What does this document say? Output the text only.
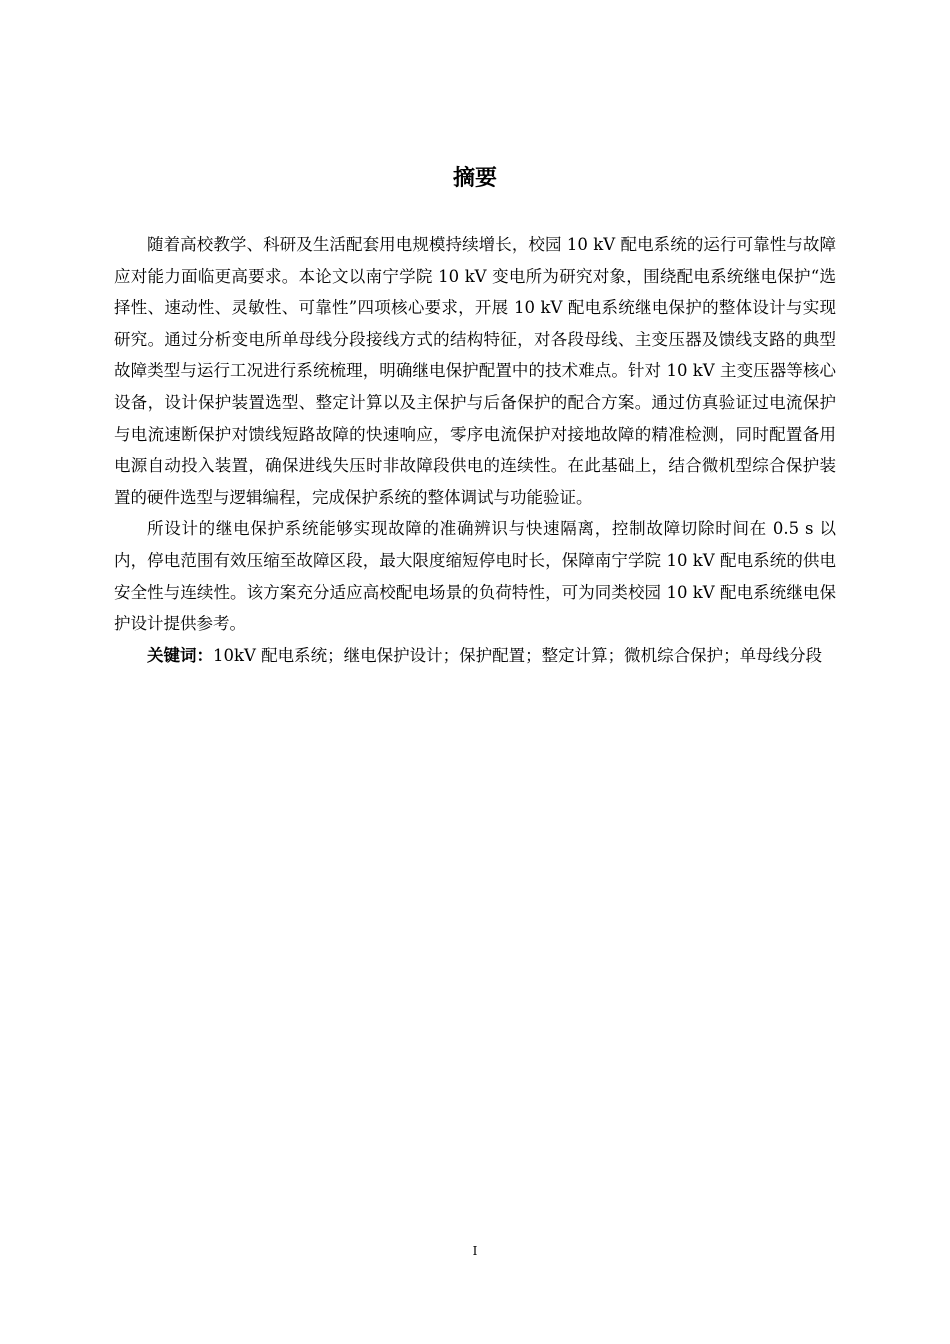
摘要

随着高校教学、科研及生活配套用电规模持续增长，校园 10 kV 配电系统的运行可靠性与故障应对能力面临更高要求。本论文以南宁学院 10 kV 变电所为研究对象，围绕配电系统继电保护“选择性、速动性、灵敏性、可靠性”四项核心要求，开展 10 kV 配电系统继电保护的整体设计与实现研究。通过分析变电所单母线分段接线方式的结构特征，对各段母线、主变压器及馈线支路的典型故障类型与运行工况进行系统梳理，明确继电保护配置中的技术难点。针对 10 kV 主变压器等核心设备，设计保护装置选型、整定计算以及主保护与后备保护的配合方案。通过仿真验证过电流保护与电流速断保护对馈线短路故障的快速响应，零序电流保护对接地故障的精准检测，同时配置备用电源自动投入装置，确保进线失压时非故障段供电的连续性。在此基础上，结合微机型综合保护装置的硬件选型与逻辑编程，完成保护系统的整体调试与功能验证。

所设计的继电保护系统能够实现故障的准确辨识与快速隔离，控制故障切除时间在 0.5 s 以内，停电范围有效压缩至故障区段，最大限度缩短停电时长，保障南宁学院 10 kV 配电系统的供电安全性与连续性。该方案充分适应高校配电场景的负荷特性，可为同类校园 10 kV 配电系统继电保护设计提供参考。

关键词：10kV 配电系统；继电保护设计；保护配置；整定计算；微机综合保护；单母线分段

I
